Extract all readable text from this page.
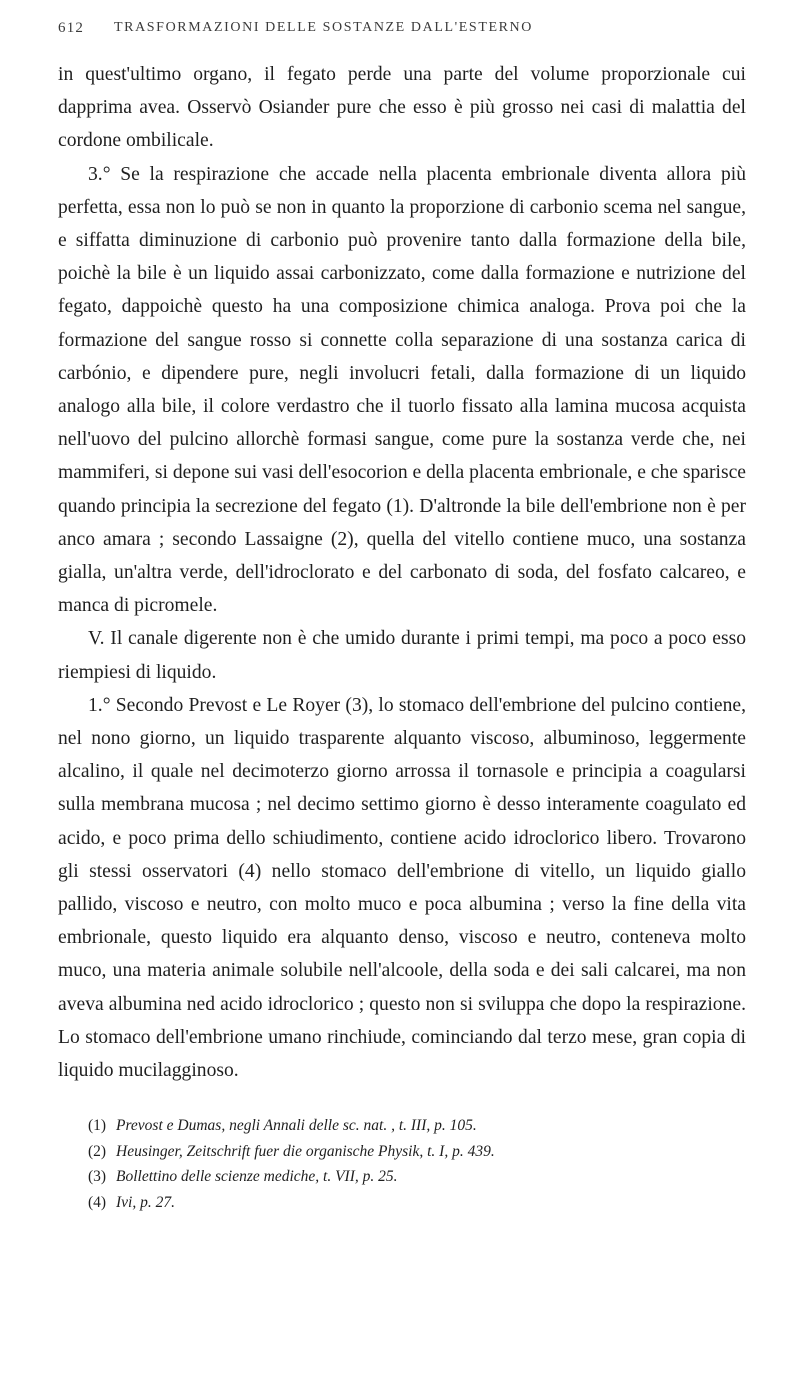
612 TRASFORMAZIONI DELLE SOSTANZE DALL'ESTERNO

in quest'ultimo organo, il fegato perde una parte del volume proporzionale cui dapprima avea. Osservò Osiander pure che esso è più grosso nei casi di malattia del cordone ombilicale.

3.° Se la respirazione che accade nella placenta embrionale diventa allora più perfetta, essa non lo può se non in quanto la proporzione di carbonio scema nel sangue, e siffatta diminuzione di carbonio può provenire tanto dalla formazione della bile, poichè la bile è un liquido assai carbonizzato, come dalla formazione e nutrizione del fegato, dappoichè questo ha una composizione chimica analoga. Prova poi che la formazione del sangue rosso si connette colla separazione di una sostanza carica di carbónio, e dipendere pure, negli involucri fetali, dalla formazione di un liquido analogo alla bile, il colore verdastro che il tuorlo fissato alla lamina mucosa acquista nell'uovo del pulcino allorchè formasi sangue, come pure la sostanza verde che, nei mammiferi, si depone sui vasi dell'esocorion e della placenta embrionale, e che sparisce quando principia la secrezione del fegato (1). D'altronde la bile dell'embrione non è per anco amara ; secondo Lassaigne (2), quella del vitello contiene muco, una sostanza gialla, un'altra verde, dell'idroclorato e del carbonato di soda, del fosfato calcareo, e manca di picromele.

V. Il canale digerente non è che umido durante i primi tempi, ma poco a poco esso riempiesi di liquido.

1.° Secondo Prevost e Le Royer (3), lo stomaco dell'embrione del pulcino contiene, nel nono giorno, un liquido trasparente alquanto viscoso, albuminoso, leggermente alcalino, il quale nel decimoterzo giorno arrossa il tornasole e principia a coagularsi sulla membrana mucosa ; nel decimo settimo giorno è desso interamente coagulato ed acido, e poco prima dello schiudimento, contiene acido idroclorico libero. Trovarono gli stessi osservatori (4) nello stomaco dell'embrione di vitello, un liquido giallo pallido, viscoso e neutro, con molto muco e poca albumina ; verso la fine della vita embrionale, questo liquido era alquanto denso, viscoso e neutro, conteneva molto muco, una materia animale solubile nell'alcoole, della soda e dei sali calcarei, ma non aveva albumina ned acido idroclorico ; questo non si sviluppa che dopo la respirazione. Lo stomaco dell'embrione umano rinchiude, cominciando dal terzo mese, gran copia di liquido mucilagginoso.

(1) Prevost e Dumas, negli Annali delle sc. nat. , t. III, p. 105.
(2) Heusinger, Zeitschrift fuer die organische Physik, t. I, p. 439.
(3) Bollettino delle scienze mediche, t. VII, p. 25.
(4) Ivi, p. 27.
